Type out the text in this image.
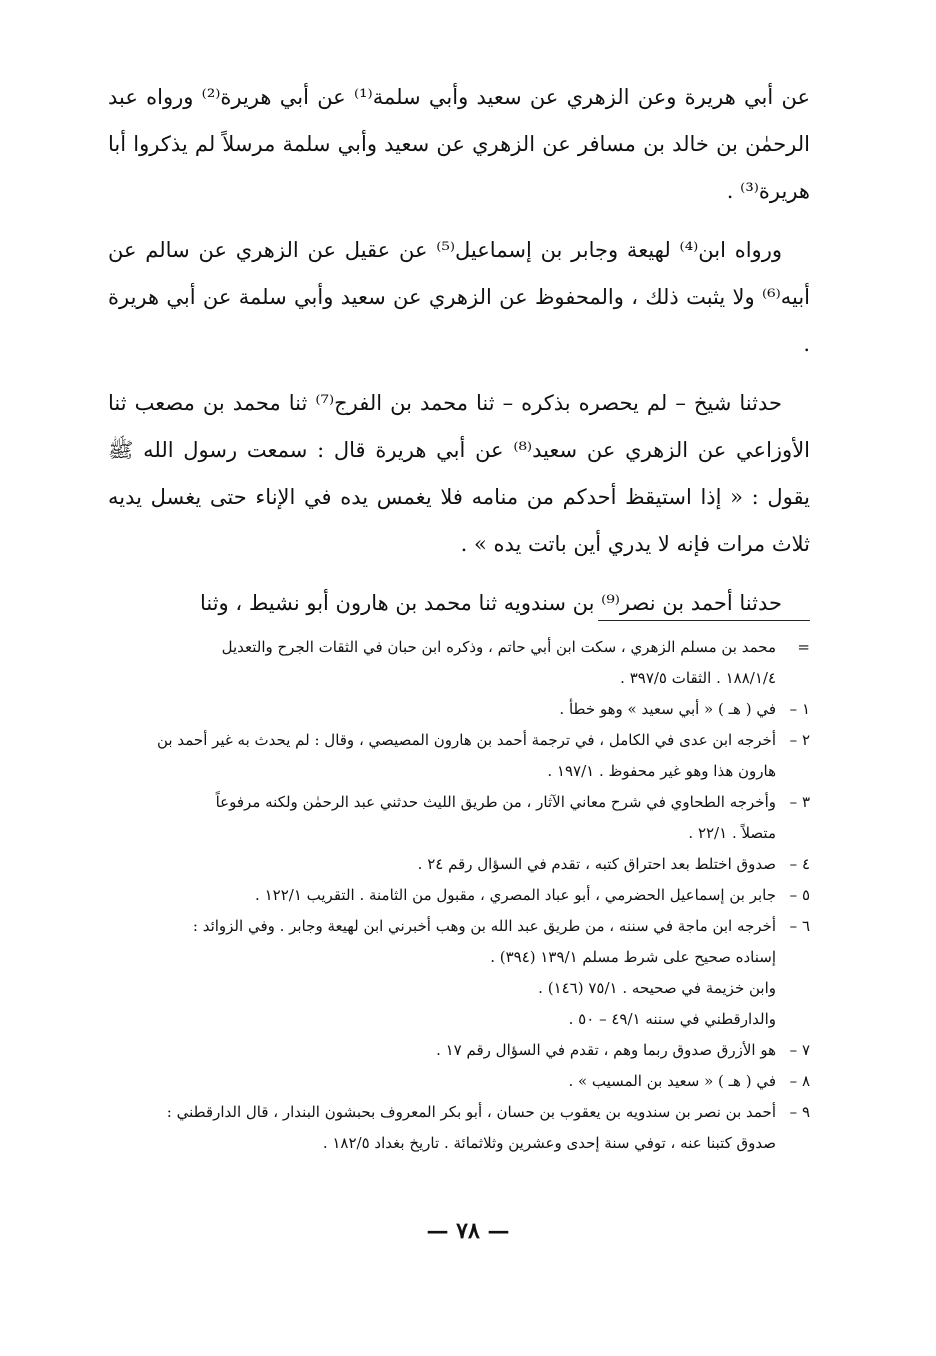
عن أبي هريرة وعن الزهري عن سعيد وأبي سلمة⁽¹⁾ عن أبي هريرة⁽²⁾ ورواه عبد الرحمٰن بن خالد بن مسافر عن الزهري عن سعيد وأبي سلمة مرسلاً لم يذكروا أبا هريرة⁽³⁾ .

ورواه ابن⁽⁴⁾ لهيعة وجابر بن إسماعيل⁽⁵⁾ عن عقيل عن الزهري عن سالم عن أبيه⁽⁶⁾ ولا يثبت ذلك ، والمحفوظ عن الزهري عن سعيد وأبي سلمة عن أبي هريرة .

حدثنا شيخ – لم يحصره بذكره – ثنا محمد بن الفرج⁽⁷⁾ ثنا محمد بن مصعب ثنا الأوزاعي عن الزهري عن سعيد⁽⁸⁾ عن أبي هريرة قال : سمعت رسول الله ﷺ يقول : « إذا استيقظ أحدكم من منامه فلا يغمس يده في الإناء حتى يغسل يديه ثلاث مرات فإنه لا يدري أين باتت يده » .

حدثنا أحمد بن نصر⁽⁹⁾ بن سندويه ثنا محمد بن هارون أبو نشيط ، وثنا

=
محمد بن مسلم الزهري ، سكت ابن أبي حاتم ، وذكره ابن حبان في الثقات الجرح والتعديل
١٨٨/١/٤ . الثقات ٣٩٧/٥ .
١ –
في ( هـ ) « أبي سعيد » وهو خطأ .
٢ –
أخرجه ابن عدى في الكامل ، في ترجمة أحمد بن هارون المصيصي ، وقال : لم يحدث به غير أحمد بن
هارون هذا وهو غير محفوظ . ١٩٧/١ .
٣ –
وأخرجه الطحاوي في شرح معاني الآثار ، من طريق الليث حدثني عبد الرحمٰن ولكنه مرفوعاً
متصلاً . ٢٢/١ .
٤ –
صدوق اختلط بعد احتراق كتبه ، تقدم في السؤال رقم ٢٤ .
٥ –
جابر بن إسماعيل الحضرمي ، أبو عباد المصري ، مقبول من الثامنة . التقريب ١٢٢/١ .
٦ –
أخرجه ابن ماجة في سننه ، من طريق عبد الله بن وهب أخبرني ابن لهيعة وجابر . وفي الزوائد :
إسناده صحيح على شرط مسلم ١٣٩/١ (٣٩٤) .
وابن خزيمة في صحيحه . ٧٥/١ (١٤٦) .
والدارقطني في سننه ٤٩/١ – ٥٠ .
٧ –
هو الأزرق صدوق ربما وهم ، تقدم في السؤال رقم ١٧ .
٨ –
في ( هـ ) « سعيد بن المسيب » .
٩ –
أحمد بن نصر بن سندويه بن يعقوب بن حسان ، أبو بكر المعروف بحبشون البندار ، قال الدارقطني :
صدوق كتبنا عنه ، توفي سنة إحدى وعشرين وثلاثمائة . تاريخ بغداد ١٨٢/٥ .
— ٧٨ —
